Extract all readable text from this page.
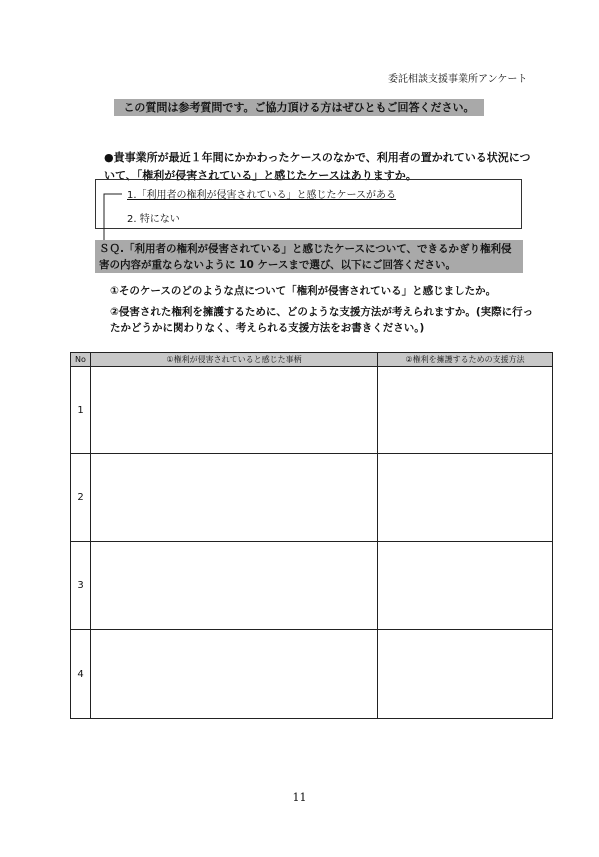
委託相談支援事業所アンケート
この質問は参考質問です。ご協力頂ける方はぜひともご回答ください。
●貴事業所が最近１年間にかかわったケースのなかで、利用者の置かれている状況について、「権利が侵害されている」と感じたケースはありますか。
1.「利用者の権利が侵害されている」と感じたケースがある
2. 特にない
ＳＱ.「利用者の権利が侵害されている」と感じたケースについて、できるかぎり権利侵害の内容が重ならないように 10 ケースまで選び、以下にご回答ください。
①そのケースのどのような点について「権利が侵害されている」と感じましたか。
②侵害された権利を擁護するために、どのような支援方法が考えられますか。(実際に行ったかどうかに関わりなく、考えられる支援方法をお書きください。)
No	①権利が侵害されていると感じた事柄	②権利を擁護するための支援方法
1		
2		
3		
4		
11
